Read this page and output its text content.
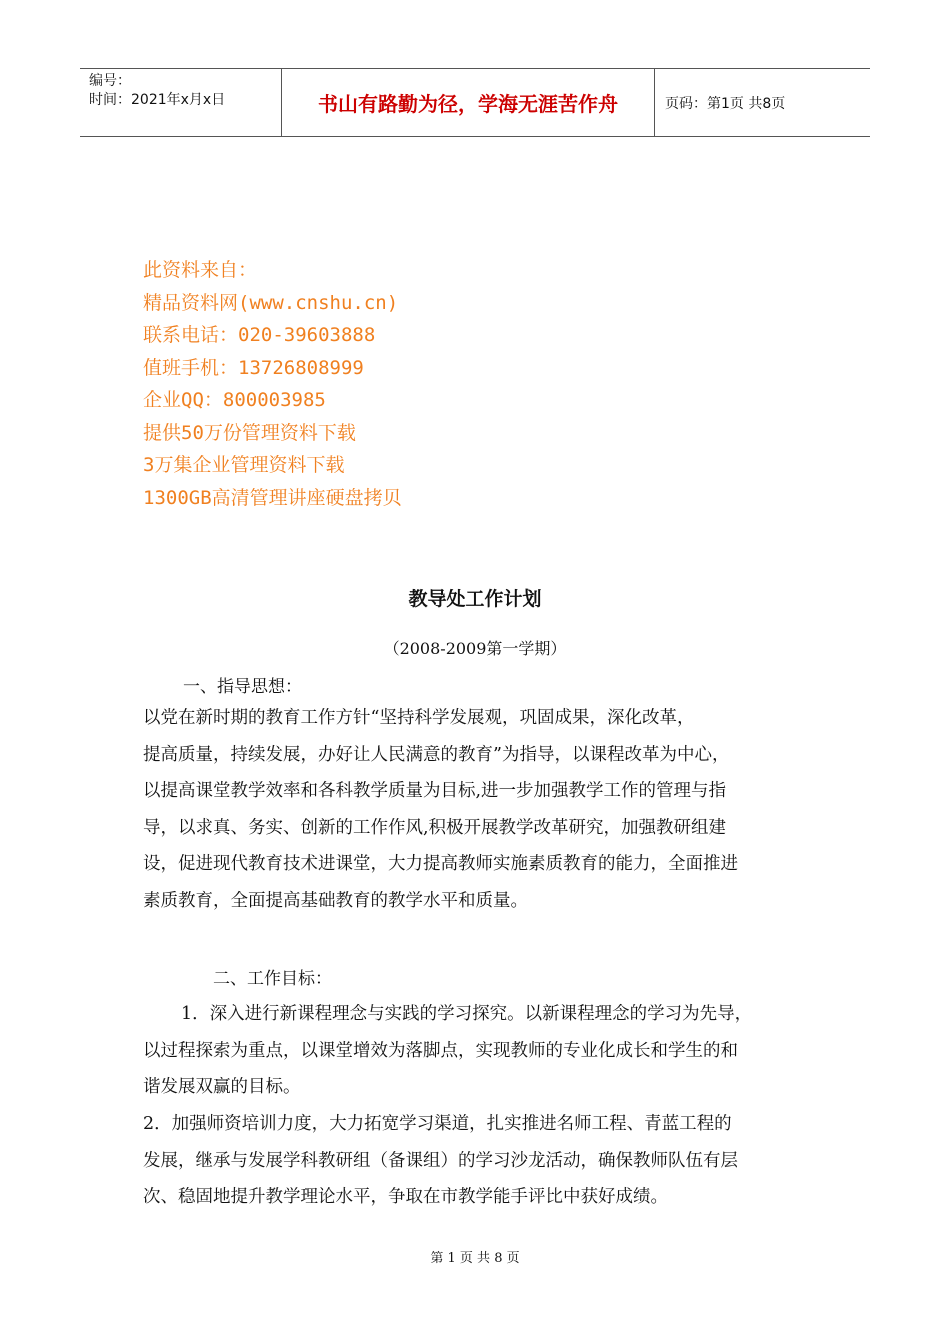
编号：
时间：2021年x月x日	书山有路勤为径，学海无涯苦作舟	页码：第1页 共8页
此资料来自：
精品资料网(www.cnshu.cn)
联系电话：020-39603888
值班手机：13726808999
企业QQ：800003985
提供50万份管理资料下载
3万集企业管理资料下载
1300GB高清管理讲座硬盘拷贝
教导处工作计划
（2008-2009第一学期）
一、指导思想：
以党在新时期的教育工作方针“坚持科学发展观，巩固成果，深化改革，
提高质量，持续发展，办好让人民满意的教育”为指导，以课程改革为中心，
以提高课堂教学效率和各科教学质量为目标,进一步加强教学工作的管理与指
导，以求真、务实、创新的工作作风,积极开展教学改革研究，加强教研组建
设，促进现代教育技术进课堂，大力提高教师实施素质教育的能力，全面推进
素质教育，全面提高基础教育的教学水平和质量。
二、工作目标：
1．深入进行新课程理念与实践的学习探究。以新课程理念的学习为先导，
以过程探索为重点，以课堂增效为落脚点，实现教师的专业化成长和学生的和
谐发展双赢的目标。
2．加强师资培训力度，大力拓宽学习渠道，扎实推进名师工程、青蓝工程的
发展，继承与发展学科教研组（备课组）的学习沙龙活动，确保教师队伍有层
次、稳固地提升教学理论水平，争取在市教学能手评比中获好成绩。
第 1 页 共 8 页
